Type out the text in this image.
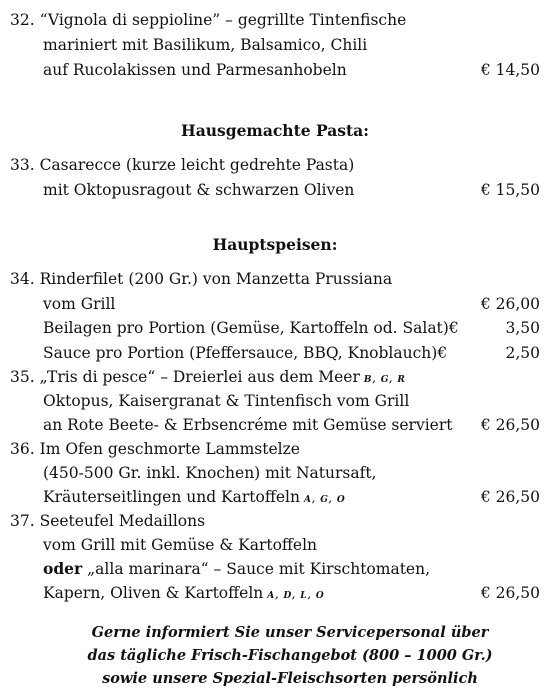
32. “Vignola di seppioline” – gegrillte Tintenfische
mariniert mit Basilikum, Balsamico, Chili
auf Rucolakissen und Parmesanhobeln	€ 14,50
Hausgemachte Pasta:
33. Casarecce (kurze leicht gedrehte Pasta)
mit Oktopusragout & schwarzen Oliven	€ 15,50
Hauptspeisen:
34. Rinderfilet (200 Gr.) von Manzetta Prussiana
vom Grill	€ 26,00
Beilagen pro Portion (Gemüse, Kartoffeln od. Salat)€	3,50
Sauce pro Portion (Pfeffersauce, BBQ, Knoblauch)€	2,50
35. „Tris di pesce“ – Dreierlei aus dem Meer B, G, R
Oktopus, Kaisergranat & Tintenfisch vom Grill
an Rote Beete- & Erbsencréme mit Gemüse serviert € 26,50
36. Im Ofen geschmorte Lammstelze
(450-500 Gr. inkl. Knochen) mit Natursaft,
Kräuterseitlingen und Kartoffeln A, G, O	€ 26,50
37. Seeteufel Medaillons
vom Grill mit Gemüse & Kartoffeln
oder „alla marinara“ – Sauce mit Kirschtomaten,
Kapern, Oliven & Kartoffeln A, D, L, O	€ 26,50
Gerne informiert Sie unser Servicepersonal über
das tägliche Frisch-Fischangebot (800 – 1000 Gr.)
sowie unsere Spezial-Fleischsorten persönlich
